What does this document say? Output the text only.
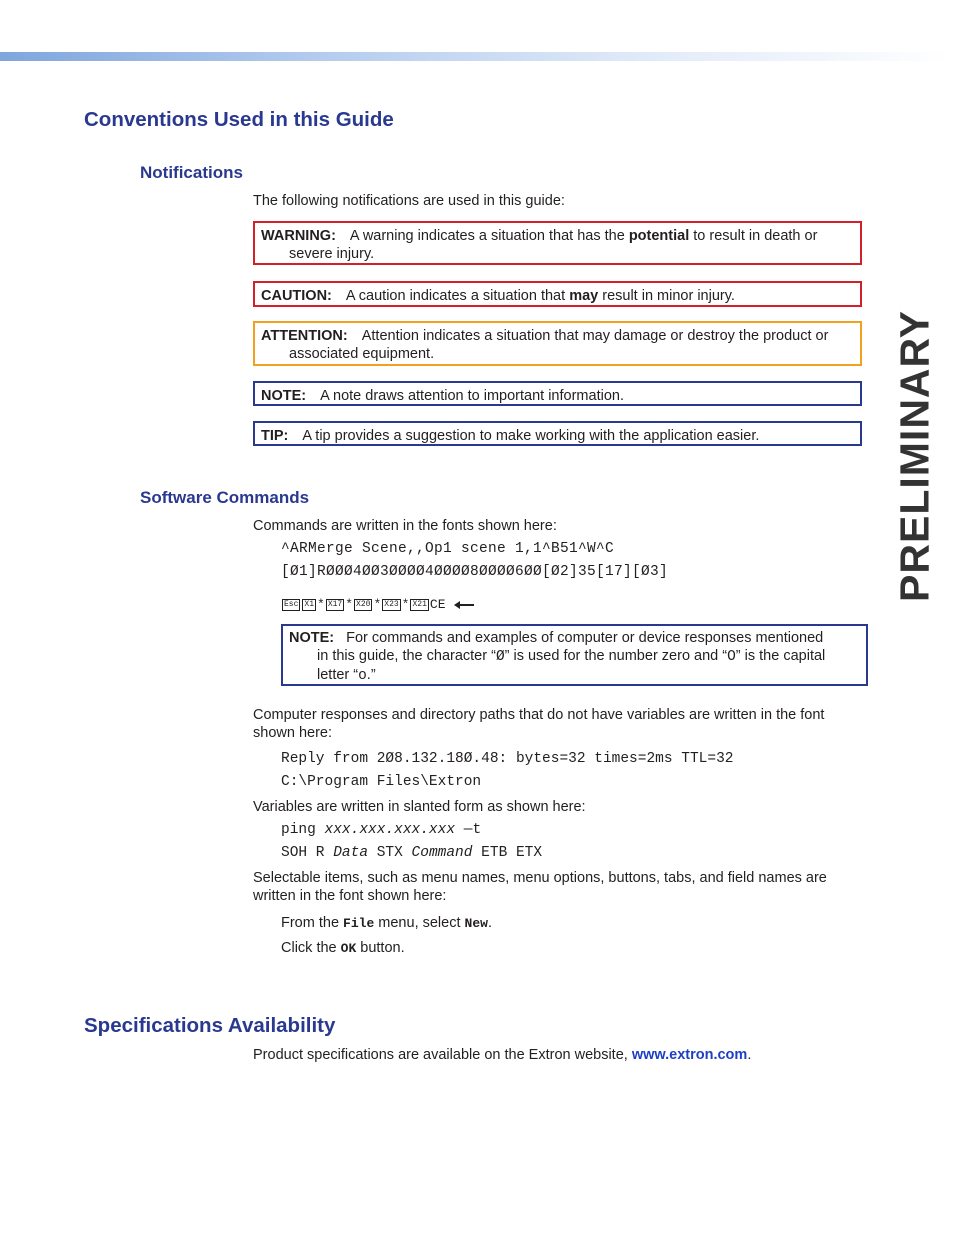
PRELIMINARY
Conventions Used in this Guide
Notifications
The following notifications are used in this guide:
WARNING: A warning indicates a situation that has the potential to result in death or
severe injury.
CAUTION: A caution indicates a situation that may result in minor injury.
ATTENTION: Attention indicates a situation that may damage or destroy the product or
associated equipment.
NOTE: A note draws attention to important information.
TIP: A tip provides a suggestion to make working with the application easier.
Software Commands
Commands are written in the fonts shown here:
^ARMerge Scene,,Op1 scene 1,1^B51^W^C
[Ø1]RØØØ4ØØ3ØØØØ4ØØØØ8ØØØØ6ØØ[Ø2]35[17][Ø3]
Esc X1 * X17 * X20 * X23 * X21 CE
NOTE: For commands and examples of computer or device responses mentioned
in this guide, the character “Ø” is used for the number zero and “O” is the capital
letter “o.”
Computer responses and directory paths that do not have variables are written in the font shown here:
Reply from 2Ø8.132.18Ø.48: bytes=32 times=2ms TTL=32
C:\Program Files\Extron
Variables are written in slanted form as shown here:
ping xxx.xxx.xxx.xxx —t
SOH R Data STX Command ETB ETX
Selectable items, such as menu names, menu options, buttons, tabs, and field names are written in the font shown here:
From the File menu, select New.
Click the OK button.
Specifications Availability
Product specifications are available on the Extron website, www.extron.com.
